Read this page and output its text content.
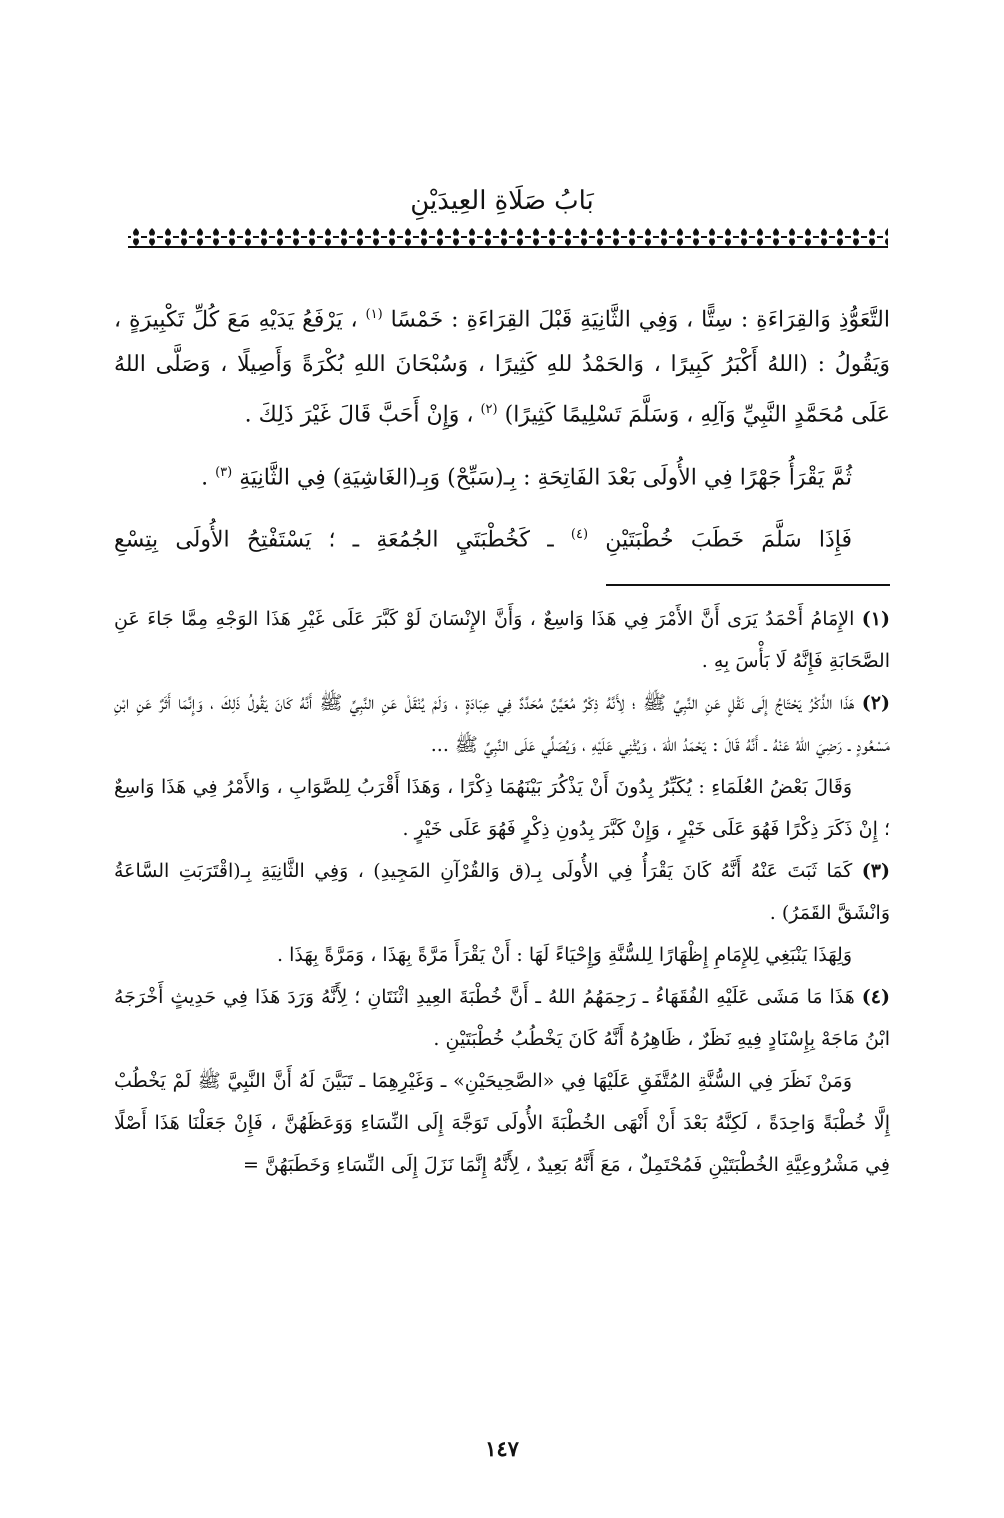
بَابُ صَلَاةِ العِيدَيْنِ

التَّعَوُّذِ وَالقِرَاءَةِ : سِتًّا ، وَفِي الثَّانِيَةِ قَبْلَ القِرَاءَةِ : خَمْسًا $^{(١)}$ ، يَرْفَعُ يَدَيْهِ مَعَ كُلِّ تَكْبِيرَةٍ ، وَيَقُولُ : (اللهُ أَكْبَرُ كَبِيرًا ، وَالحَمْدُ للهِ كَثِيرًا ، وَسُبْحَانَ اللهِ بُكْرَةً وَأَصِيلًا ، وَصَلَّى اللهُ عَلَى مُحَمَّدٍ النَّبِيِّ وَآلِهِ ، وَسَلَّمَ تَسْلِيمًا كَثِيرًا) $^{(٢)}$ ، وَإِنْ أَحَبَّ قَالَ غَيْرَ ذَلِكَ .

ثُمَّ يَقْرَأُ جَهْرًا فِي الأُولَى بَعْدَ الفَاتِحَةِ : بِـ(سَبِّحْ) وَبِـ(الغَاشِيَةِ) فِي الثَّانِيَةِ $^{(٣)}$ .

فَإِذَا سَلَّمَ خَطَبَ خُطْبَتَيْنِ $^{(٤)}$ ـ كَخُطْبَتَيِ الجُمُعَةِ ـ ؛ يَسْتَفْتِحُ الأُولَى بِتِسْعِ

(١) الإِمَامُ أَحْمَدُ يَرَى أَنَّ الأَمْرَ فِي هَذَا وَاسِعٌ ، وَأَنَّ الإِنْسَانَ لَوْ كَبَّرَ عَلَى غَيْرِ هَذَا الوَجْهِ مِمَّا جَاءَ عَنِ الصَّحَابَةِ فَإِنَّهُ لَا بَأْسَ بِهِ .

(٢) هَذَا الذِّكْرُ يَحْتَاجُ إِلَى نَقْلٍ عَنِ النَّبِيِّ ﷺ ؛ لِأَنَّهُ ذِكْرٌ مُعَيَّنٌ مُحَدَّدٌ فِي عِبَادَةٍ ، وَلَمْ يُنْقَلْ عَنِ النَّبِيِّ ﷺ أَنَّهُ كَانَ يَقُولُ ذَلِكَ ، وَإِنَّمَا أَثَرٌ عَنِ ابْنِ مَسْعُودٍ ـ رَضِيَ اللهُ عَنْهُ ـ أَنَّهُ قَالَ : يَحْمَدُ اللهَ ، وَيُثْنِي عَلَيْهِ ، وَيُصَلِّي عَلَى النَّبِيِّ ﷺ ...

وَقَالَ بَعْضُ العُلَمَاءِ : يُكَبِّرُ بِدُونَ أَنْ يَذْكُرَ بَيْنَهُمَا ذِكْرًا ، وَهَذَا أَقْرَبُ لِلصَّوَابِ ، وَالأَمْرُ فِي هَذَا وَاسِعٌ ؛ إِنْ ذَكَرَ ذِكْرًا فَهُوَ عَلَى خَيْرٍ ، وَإِنْ كَبَّرَ بِدُونِ ذِكْرٍ فَهُوَ عَلَى خَيْرٍ .

(٣) كَمَا ثَبَتَ عَنْهُ أَنَّهُ كَانَ يَقْرَأُ فِي الأُولَى بِـ(ق وَالقُرْآنِ المَجِيدِ) ، وَفِي الثَّانِيَةِ بِـ(اقْتَرَبَتِ السَّاعَةُ وَانْشَقَّ القَمَرُ) .

وَلِهَذَا يَنْبَغِي لِلإِمَامِ إِظْهَارًا لِلسُّنَّةِ وَإِحْيَاءً لَهَا : أَنْ يَقْرَأَ مَرَّةً بِهَذَا ، وَمَرَّةً بِهَذَا .

(٤) هَذَا مَا مَشَى عَلَيْهِ الفُقَهَاءُ ـ رَحِمَهُمُ اللهُ ـ أَنَّ خُطْبَةَ العِيدِ اثْنَتَانِ ؛ لِأَنَّهُ وَرَدَ هَذَا فِي حَدِيثٍ أَخْرَجَهُ ابْنُ مَاجَهْ بِإِسْنَادٍ فِيهِ نَظَرٌ ، ظَاهِرُهُ أَنَّهُ كَانَ يَخْطُبُ خُطْبَتَيْنِ .

وَمَنْ نَظَرَ فِي السُّنَّةِ المُتَّفَقِ عَلَيْهَا فِي «الصَّحِيحَيْنِ» ـ وَغَيْرِهِمَا ـ تَبَيَّنَ لَهُ أَنَّ النَّبِيَّ ﷺ لَمْ يَخْطُبْ إِلَّا خُطْبَةً وَاحِدَةً ، لَكِنَّهُ بَعْدَ أَنْ أَنْهَى الخُطْبَةَ الأُولَى تَوَجَّهَ إِلَى النِّسَاءِ وَوَعَظَهُنَّ ، فَإِنْ جَعَلْنَا هَذَا أَصْلًا فِي مَشْرُوعِيَّةِ الخُطْبَتَيْنِ فَمُحْتَمِلٌ ، مَعَ أَنَّهُ بَعِيدٌ ، لِأَنَّهُ إِنَّمَا نَزَلَ إِلَى النِّسَاءِ وَخَطَبَهُنَّ =

١٤٧
